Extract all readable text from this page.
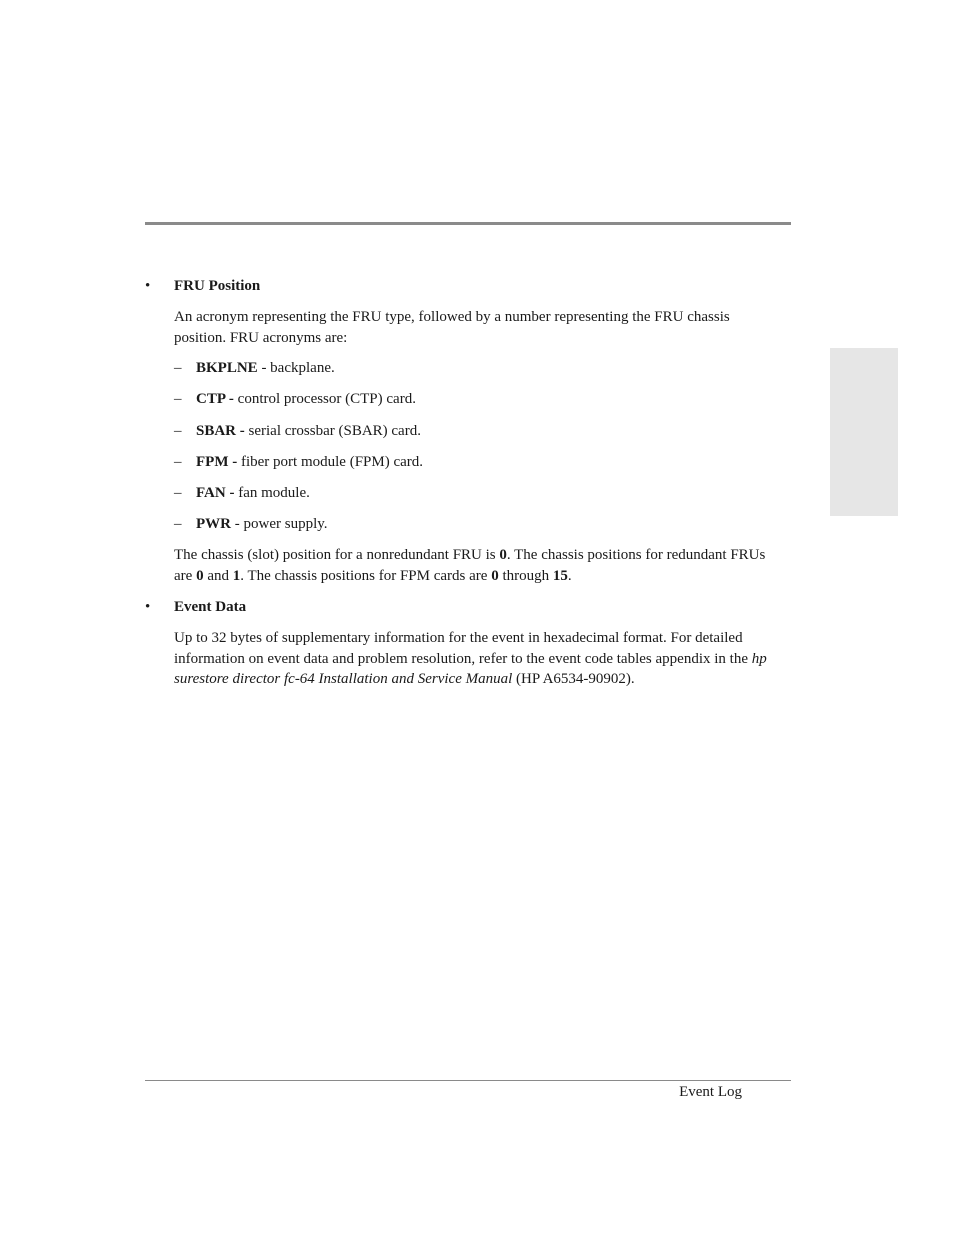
• FRU Position
An acronym representing the FRU type, followed by a number representing the FRU chassis position. FRU acronyms are:
– BKPLNE - backplane.
– CTP - control processor (CTP) card.
– SBAR - serial crossbar (SBAR) card.
– FPM - fiber port module (FPM) card.
– FAN - fan module.
– PWR - power supply.
The chassis (slot) position for a nonredundant FRU is 0. The chassis positions for redundant FRUs are 0 and 1. The chassis positions for FPM cards are 0 through 15.
• Event Data
Up to 32 bytes of supplementary information for the event in hexadecimal format. For detailed information on event data and problem resolution, refer to the event code tables appendix in the hp surestore director fc-64 Installation and Service Manual (HP A6534-90902).
Event Log
